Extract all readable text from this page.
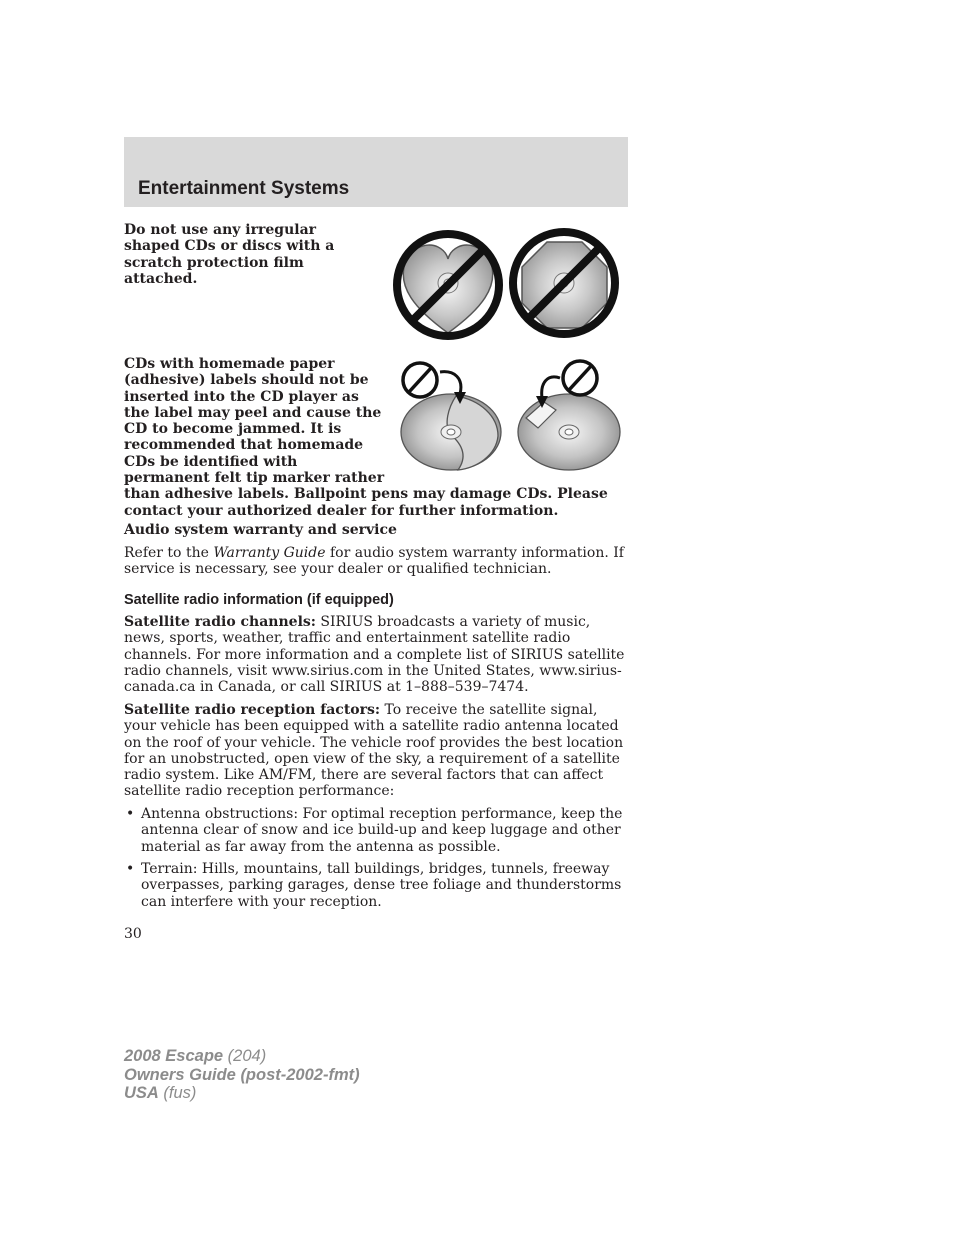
Entertainment Systems
Do not use any irregular shaped CDs or discs with a scratch protection film attached.
CDs with homemade paper
(adhesive) labels should not be
inserted into the CD player as
the label may peel and cause the
CD to become jammed. It is
recommended that homemade
CDs be identified with
permanent felt tip marker rather
than adhesive labels. Ballpoint pens may damage CDs. Please
contact your authorized dealer for further information.
Audio system warranty and service
Refer to the Warranty Guide for audio system warranty information. If service is necessary, see your dealer or qualified technician.
Satellite radio information (if equipped)
Satellite radio channels: SIRIUS broadcasts a variety of music, news, sports, weather, traffic and entertainment satellite radio channels. For more information and a complete list of SIRIUS satellite radio channels, visit www.sirius.com in the United States, www.sirius-canada.ca in Canada, or call SIRIUS at 1–888–539–7474.
Satellite radio reception factors: To receive the satellite signal, your vehicle has been equipped with a satellite radio antenna located on the roof of your vehicle. The vehicle roof provides the best location for an unobstructed, open view of the sky, a requirement of a satellite radio system. Like AM/FM, there are several factors that can affect satellite radio reception performance:
• Antenna obstructions: For optimal reception performance, keep the antenna clear of snow and ice build-up and keep luggage and other material as far away from the antenna as possible.
• Terrain: Hills, mountains, tall buildings, bridges, tunnels, freeway overpasses, parking garages, dense tree foliage and thunderstorms can interfere with your reception.
30
2008 Escape (204)
Owners Guide (post-2002-fmt)
USA (fus)
